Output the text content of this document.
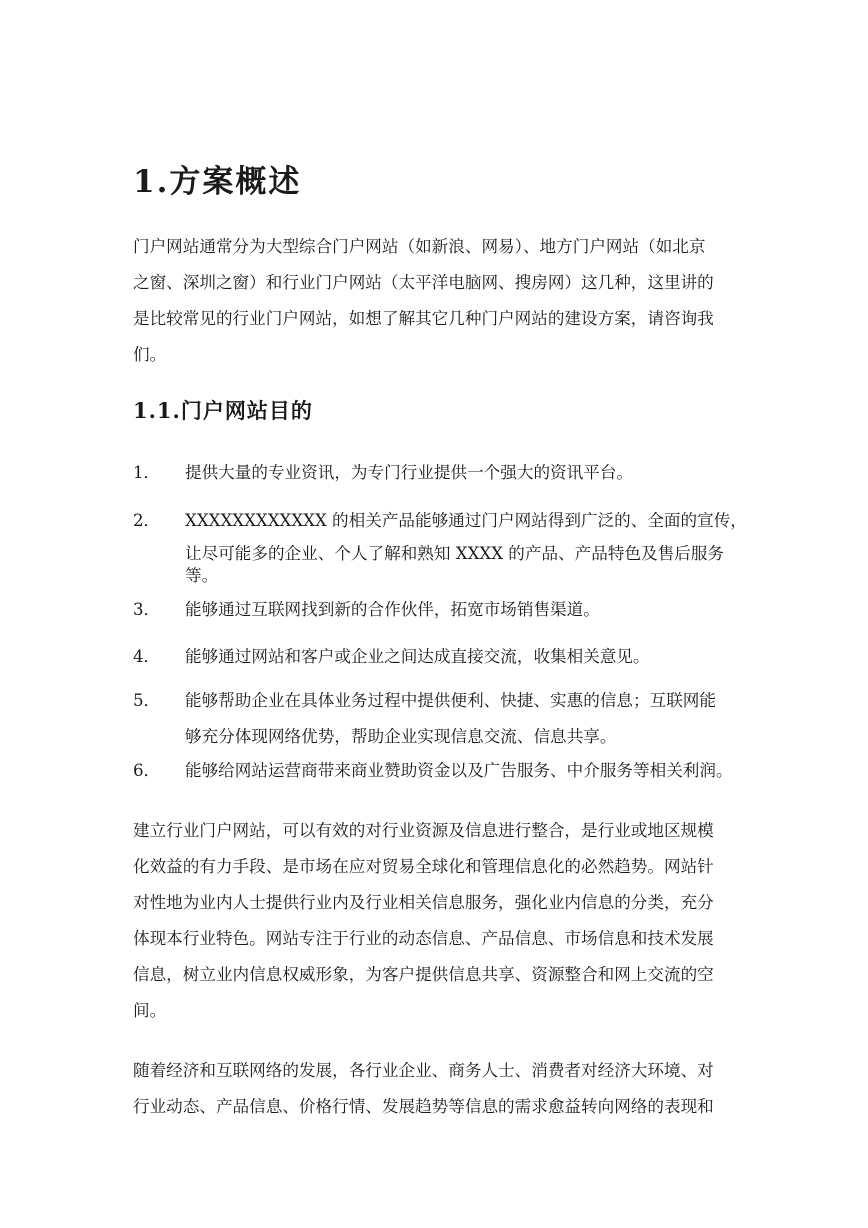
1.方案概述
门户网站通常分为大型综合门户网站（如新浪、网易）、地方门户网站（如北京
之窗、深圳之窗）和行业门户网站（太平洋电脑网、搜房网）这几种，这里讲的
是比较常见的行业门户网站，如想了解其它几种门户网站的建设方案，请咨询我
们。
1.1.门户网站目的
1． 提供大量的专业资讯，为专门行业提供一个强大的资讯平台。
2． XXXXXXXXXXXX 的相关产品能够通过门户网站得到广泛的、全面的宣传，
让尽可能多的企业、个人了解和熟知 XXXX 的产品、产品特色及售后服务
等。
3． 能够通过互联网找到新的合作伙伴，拓宽市场销售渠道。
4． 能够通过网站和客户或企业之间达成直接交流，收集相关意见。
5． 能够帮助企业在具体业务过程中提供便利、快捷、实惠的信息；互联网能
够充分体现网络优势，帮助企业实现信息交流、信息共享。
6． 能够给网站运营商带来商业赞助资金以及广告服务、中介服务等相关利润。
建立行业门户网站，可以有效的对行业资源及信息进行整合，是行业或地区规模
化效益的有力手段、是市场在应对贸易全球化和管理信息化的必然趋势。网站针
对性地为业内人士提供行业内及行业相关信息服务，强化业内信息的分类，充分
体现本行业特色。网站专注于行业的动态信息、产品信息、市场信息和技术发展
信息，树立业内信息权威形象，为客户提供信息共享、资源整合和网上交流的空
间。
随着经济和互联网络的发展，各行业企业、商务人士、消费者对经济大环境、对
行业动态、产品信息、价格行情、发展趋势等信息的需求愈益转向网络的表现和
